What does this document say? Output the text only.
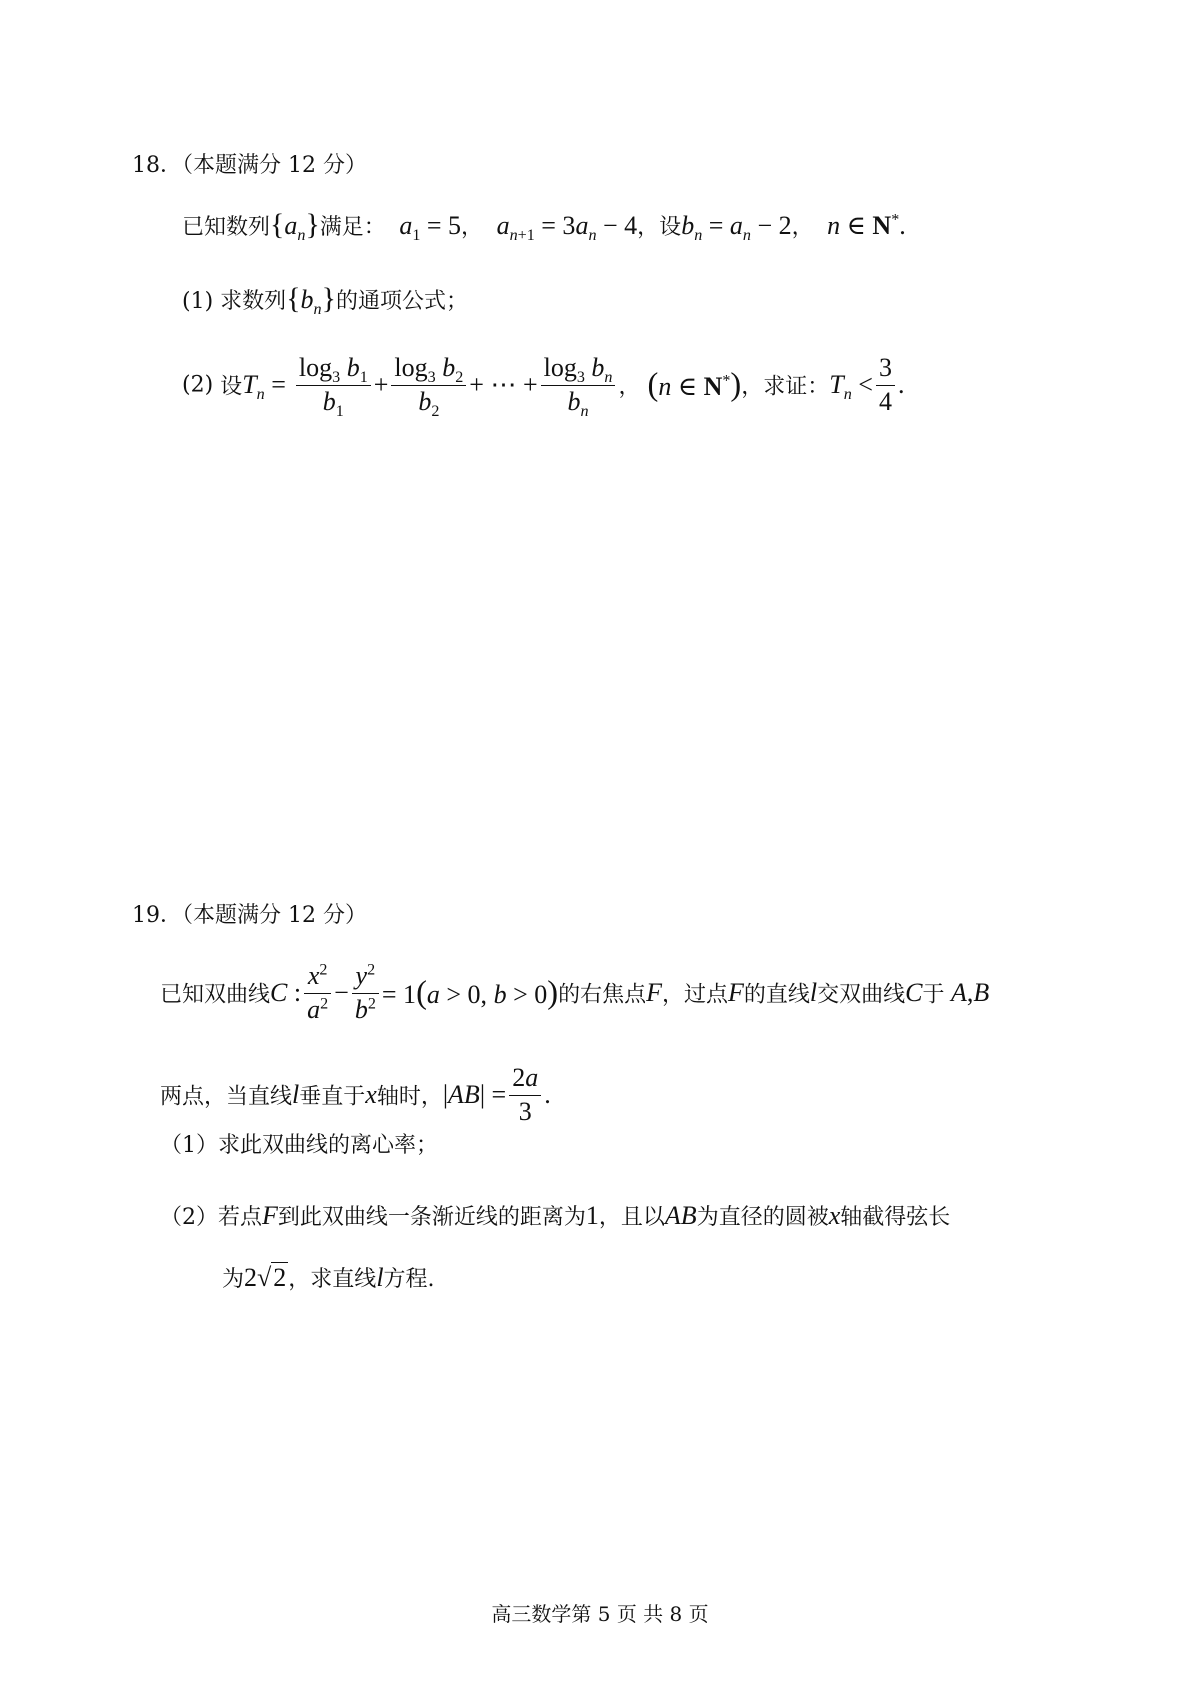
18．（本题满分 12 分）
已知数列$\{a_n\}$满足：  $a_1 = 5$，  $a_{n+1} = 3a_n - 4$，设$b_n = a_n - 2$，  n ∈ N*.
(1) 求数列$\{b_n\}$的通项公式；
(2) 设$T_n = \frac{\log_3 b_1}{b_1} + \frac{\log_3 b_2}{b_2}$ + ⋯ + $\frac{\log_3 b_n}{b_n}$ ， (n ∈ N*)，求证：$T_n < \frac{3}{4}$ .
19．（本题满分 12 分）
已知双曲线C : $\frac{x^2}{a^2} - \frac{y^2}{b^2} = 1(a > 0$, b > 0)的右焦点F，过点F的直线l交双曲线C于 A,B
两点，当直线l垂直于x轴时，$|AB| = \frac{2a}{3}$ .
（1）求此双曲线的离心率；
（2）若点F到此双曲线一条渐近线的距离为1，且以AB为直径的圆被x轴截得弦长
为2√2，求直线l方程.
高三数学第 5 页 共 8 页
